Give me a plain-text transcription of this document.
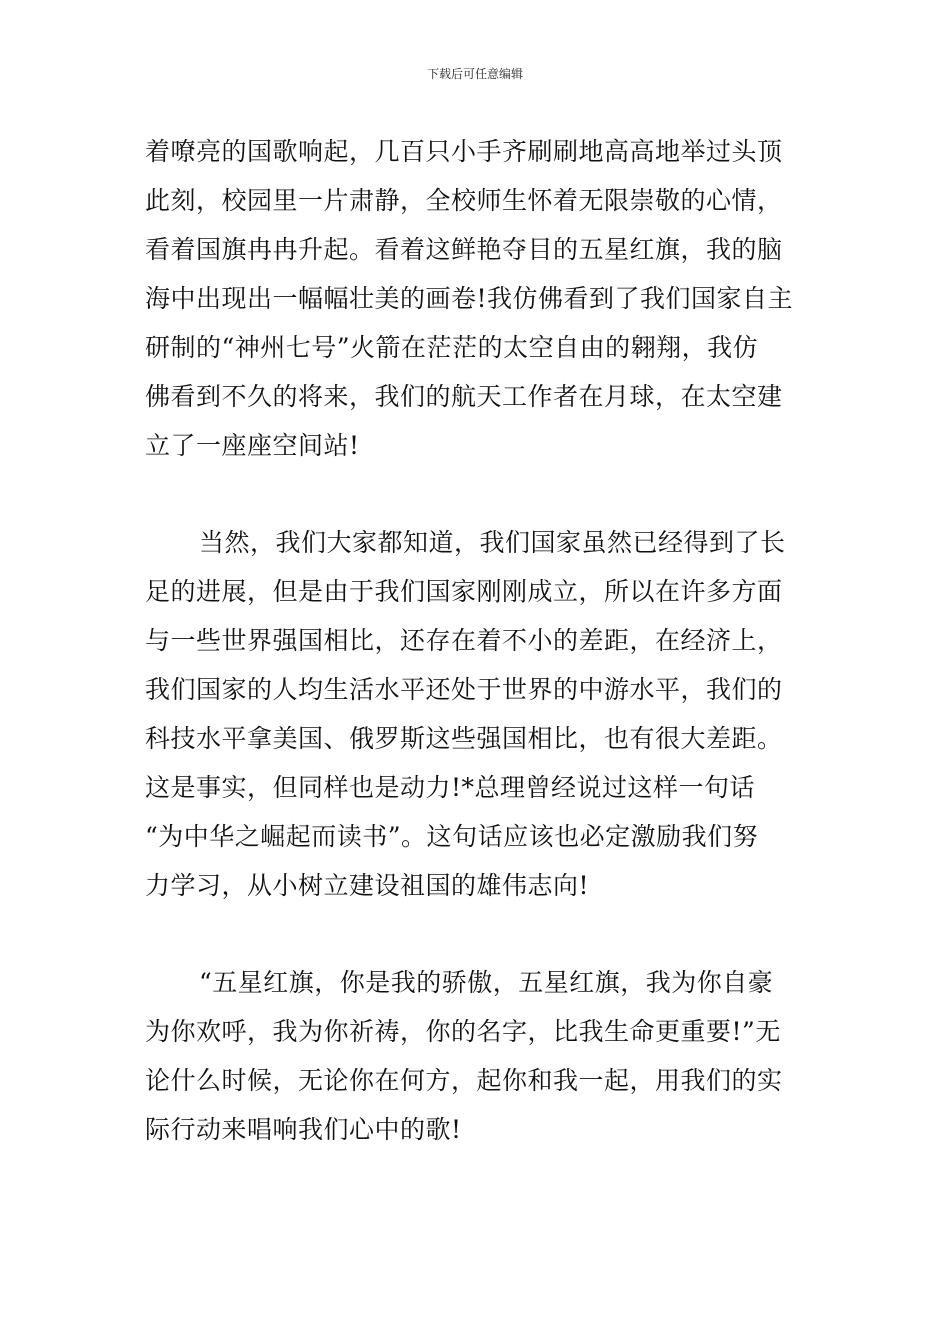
下载后可任意编辑
着嘹亮的国歌响起，几百只小手齐刷刷地高高地举过头顶
此刻，校园里一片肃静，全校师生怀着无限崇敬的心情，
看着国旗冉冉升起。看着这鲜艳夺目的五星红旗，我的脑
海中出现出一幅幅壮美的画卷!我仿佛看到了我们国家自主
研制的“神州七号”火箭在茫茫的太空自由的翱翔，我仿
佛看到不久的将来，我们的航天工作者在月球，在太空建
立了一座座空间站!
当然，我们大家都知道，我们国家虽然已经得到了长
足的进展，但是由于我们国家刚刚成立，所以在许多方面
与一些世界强国相比，还存在着不小的差距，在经济上，
我们国家的人均生活水平还处于世界的中游水平，我们的
科技水平拿美国、俄罗斯这些强国相比，也有很大差距。
这是事实，但同样也是动力!*总理曾经说过这样一句话
“为中华之崛起而读书”。这句话应该也必定激励我们努
力学习，从小树立建设祖国的雄伟志向!
“五星红旗，你是我的骄傲，五星红旗，我为你自豪
为你欢呼，我为你祈祷，你的名字，比我生命更重要!”无
论什么时候，无论你在何方，起你和我一起，用我们的实
际行动来唱响我们心中的歌!
